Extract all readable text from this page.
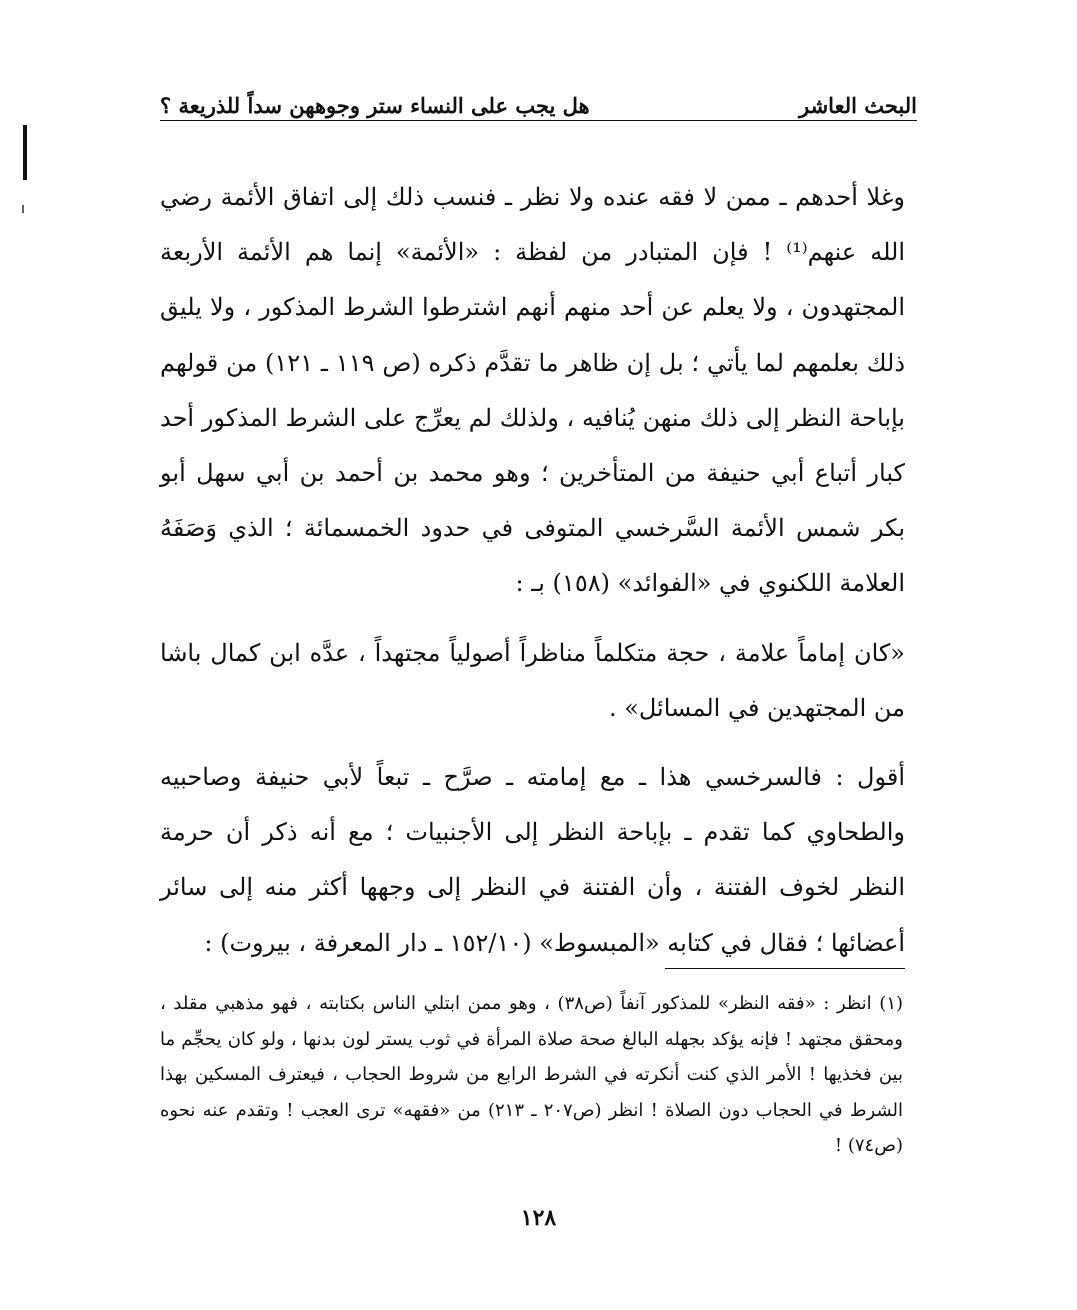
البحث العاشر
هل يجب على النساء ستر وجوههن سداً للذريعة ؟

وغلا أحدهم ـ ممن لا فقه عنده ولا نظر ـ فنسب ذلك إلى اتفاق الأئمة رضي الله عنهم⁽¹⁾ ! فإن المتبادر من لفظة : «الأئمة» إنما هم الأئمة الأربعة المجتهدون ، ولا يعلم عن أحد منهم أنهم اشترطوا الشرط المذكور ، ولا يليق ذلك بعلمهم لما يأتي ؛ بل إن ظاهر ما تقدَّم ذكره (ص ١١٩ ـ ١٢١) من قولهم بإباحة النظر إلى ذلك منهن يُنافيه ، ولذلك لم يعرِّج على الشرط المذكور أحد كبار أتباع أبي حنيفة من المتأخرين ؛ وهو محمد بن أحمد بن أبي سهل أبو بكر شمس الأئمة السَّرخسي المتوفى في حدود الخمسمائة ؛ الذي وَصَفَهُ العلامة اللكنوي في «الفوائد» (١٥٨) بـ :

«كان إماماً علامة ، حجة متكلماً مناظراً أصولياً مجتهداً ، عدَّه ابن كمال باشا من المجتهدين في المسائل» .

أقول : فالسرخسي هذا ـ مع إمامته ـ صرَّح ـ تبعاً لأبي حنيفة وصاحبيه والطحاوي كما تقدم ـ بإباحة النظر إلى الأجنبيات ؛ مع أنه ذكر أن حرمة النظر لخوف الفتنة ، وأن الفتنة في النظر إلى وجهها أكثر منه إلى سائر أعضائها ؛ فقال في كتابه «المبسوط» (١٥٢/١٠ ـ دار المعرفة ، بيروت) :

(١) انظر : «فقه النظر» للمذكور آنفاً (ص٣٨) ، وهو ممن ابتلي الناس بكتابته ، فهو مذهبي مقلد ، ومحقق مجتهد ! فإنه يؤكد بجهله البالغ صحة صلاة المرأة في ثوب يستر لون بدنها ، ولو كان يحجِّم ما بين فخذيها ! الأمر الذي كنت أنكرته في الشرط الرابع من شروط الحجاب ، فيعترف المسكين بهذا الشرط في الحجاب دون الصلاة ! انظر (ص٢٠٧ ـ ٢١٣) من «فقهه» ترى العجب ! وتقدم عنه نحوه (ص٧٤) !

١٢٨
